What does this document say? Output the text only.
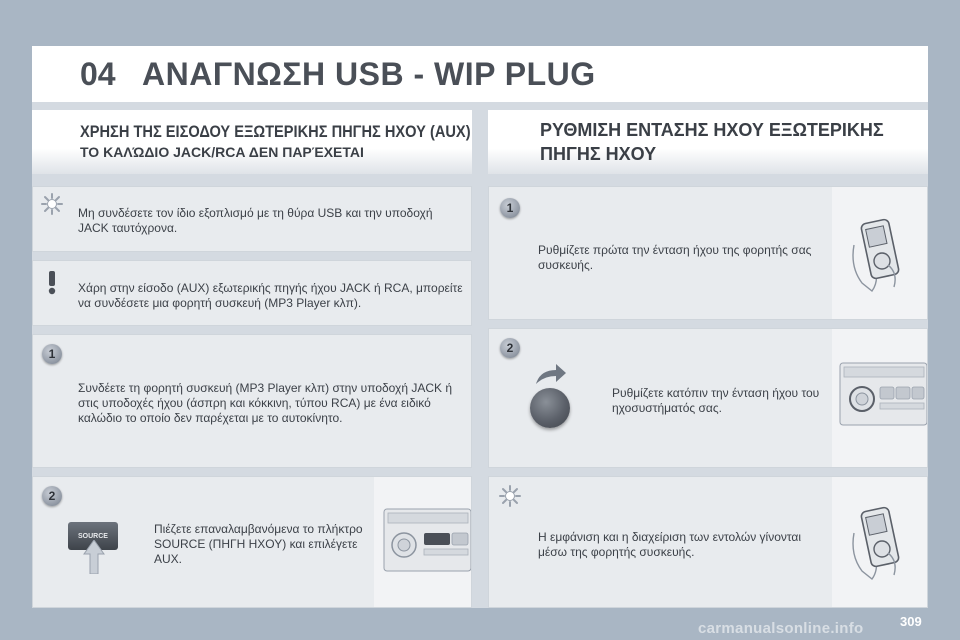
04 ΑΝΑΓΝΩΣΗ USB - WIP PLUG
ΧΡΗΣΗ ΤΗΣ ΕΙΣΟΔΟΥ ΕΞΩΤΕΡΙΚΗΣ ΠΗΓΗΣ ΗΧΟΥ (AUX)
ΤΟ ΚΑΛΏΔΙΟ JACK/RCA ΔΕΝ ΠΑΡΈΧΕΤΑΙ
ΡΥΘΜΙΣΗ ΕΝΤΑΣΗΣ ΗΧΟΥ ΕΞΩΤΕΡΙΚΗΣ
ΠΗΓΗΣ ΗΧΟΥ
Μη συνδέσετε τον ίδιο εξοπλισμό με τη θύρα USB και την υποδοχή JACK ταυτόχρονα.
Χάρη στην είσοδο (AUX) εξωτερικής πηγής ήχου JACK ή RCA, μπορείτε να συνδέσετε μια φορητή συσκευή (MP3 Player κλπ).
1
Συνδέετε τη φορητή συσκευή (MP3 Player κλπ) στην υποδοχή JACK ή στις υποδοχές ήχου (άσπρη και κόκκινη, τύπου RCA) με ένα ειδικό καλώδιο το οποίο δεν παρέχεται με το αυτοκίνητο.
2
SOURCE	Πιέζετε επαναλαμβανόμενα το πλήκτρο SOURCE (ΠΗΓΗ ΗΧΟΥ) και επιλέγετε AUX.
1
Ρυθμίζετε πρώτα την ένταση ήχου της φορητής σας συσκευής.
2
Ρυθμίζετε κατόπιν την ένταση ήχου του ηχοσυστήματός σας.
Η εμφάνιση και η διαχείριση των εντολών γίνονται μέσω της φορητής συσκευής.
309
carmanualsonline.info
